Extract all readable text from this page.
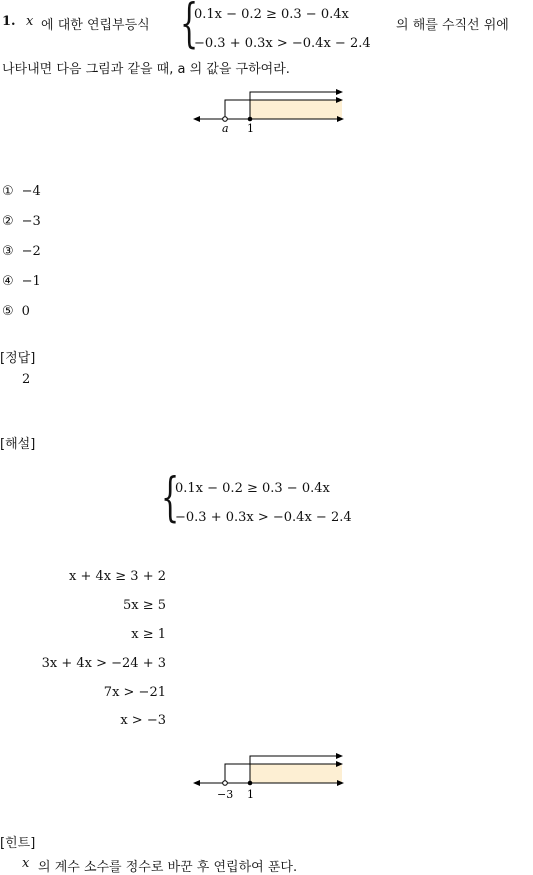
1. x 에 대한 연립부등식 {
0.1x − 0.2 ≥ 0.3 − 0.4x
−0.3 + 0.3x > −0.4x − 2.4
의 해를 수직선 위에
나타내면 다음 그림과 같을 때, a 의 값을 구하여라.
a 1
① −4
② −3
③ −2
④ −1
⑤ 0
[정답]
2
[해설]
{
0.1x − 0.2 ≥ 0.3 − 0.4x
−0.3 + 0.3x > −0.4x − 2.4
x + 4x ≥ 3 + 2
5x ≥ 5
x ≥ 1
3x + 4x > −24 + 3
7x > −21
x > −3
−3 1
[힌트]
x 의 계수 소수를 정수로 바꾼 후 연립하여 푼다.
